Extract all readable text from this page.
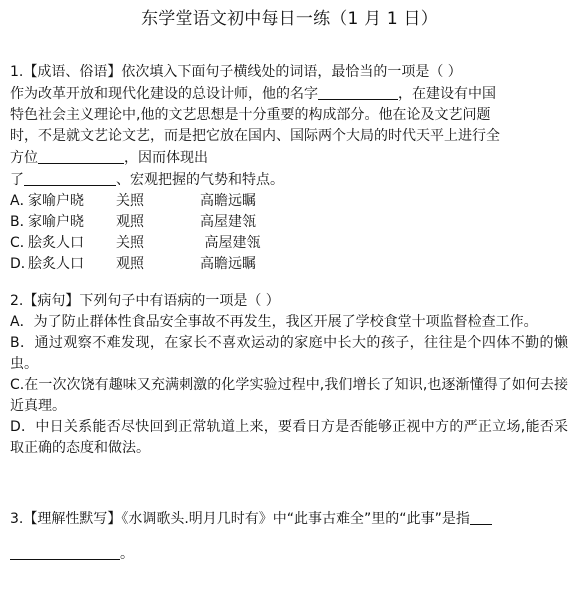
东学堂语文初中每日一练（1 月 1 日）
1.【成语、俗语】依次填入下面句子横线处的词语，最恰当的一项是（ ）
作为改革开放和现代化建设的总设计师，他的名字	，在建设有中国
特色社会主义理论中,他的文艺思想是十分重要的构成部分。他在论及文艺问题
时，不是就文艺论文艺，而是把它放在国内、国际两个大局的时代天平上进行全
方位	，因而体现出
了	、宏观把握的气势和特点。
A．家喻户晓 关照	高瞻远瞩
B．家喻户晓 观照	高屋建瓴
C．脍炙人口 关照	高屋建瓴
D．脍炙人口 观照	高瞻远瞩
2.【病句】下列句子中有语病的一项是（ ）
A．为了防止群体性食品安全事故不再发生，我区开展了学校食堂十项监督检查工作。
B．通过观察不难发现，在家长不喜欢运动的家庭中长大的孩子，往往是个四体不勤的懒虫。
C.在一次次饶有趣味又充满刺激的化学实验过程中,我们增长了知识,也逐渐懂得了如何去接近真理。
D．中日关系能否尽快回到正常轨道上来，要看日方是否能够正视中方的严正立场,能否采取正确的态度和做法。
3.【理解性默写】《水调歌头.明月几时有》中“此事古难全”里的“此事”是指
。
